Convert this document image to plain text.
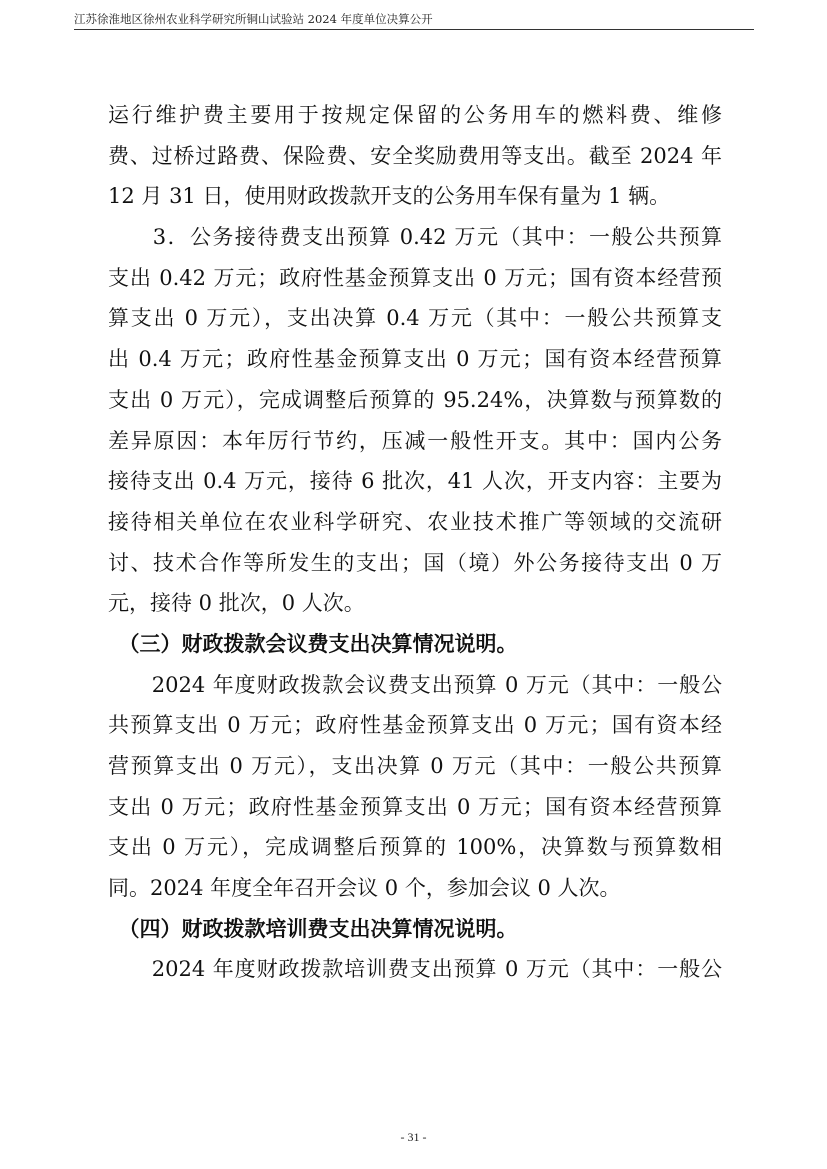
江苏徐淮地区徐州农业科学研究所铜山试验站 2024 年度单位决算公开
运行维护费主要用于按规定保留的公务用车的燃料费、维修
费、过桥过路费、保险费、安全奖励费用等支出。截至 2024 年
12 月 31 日，使用财政拨款开支的公务用车保有量为 1 辆。
　　3．公务接待费支出预算 0.42 万元（其中：一般公共预算
支出 0.42 万元；政府性基金预算支出 0 万元；国有资本经营预
算支出 0 万元），支出决算 0.4 万元（其中：一般公共预算支
出 0.4 万元；政府性基金预算支出 0 万元；国有资本经营预算
支出 0 万元），完成调整后预算的 95.24%，决算数与预算数的
差异原因：本年厉行节约，压减一般性开支。其中：国内公务
接待支出 0.4 万元，接待 6 批次，41 人次，开支内容：主要为
接待相关单位在农业科学研究、农业技术推广等领域的交流研
讨、技术合作等所发生的支出；国（境）外公务接待支出 0 万
元，接待 0 批次，0 人次。
　（三）财政拨款会议费支出决算情况说明。
　　2024 年度财政拨款会议费支出预算 0 万元（其中：一般公
共预算支出 0 万元；政府性基金预算支出 0 万元；国有资本经
营预算支出 0 万元），支出决算 0 万元（其中：一般公共预算
支出 0 万元；政府性基金预算支出 0 万元；国有资本经营预算
支出 0 万元），完成调整后预算的 100%，决算数与预算数相
同。2024 年度全年召开会议 0 个，参加会议 0 人次。
　（四）财政拨款培训费支出决算情况说明。
　　2024 年度财政拨款培训费支出预算 0 万元（其中：一般公
- 31 -
